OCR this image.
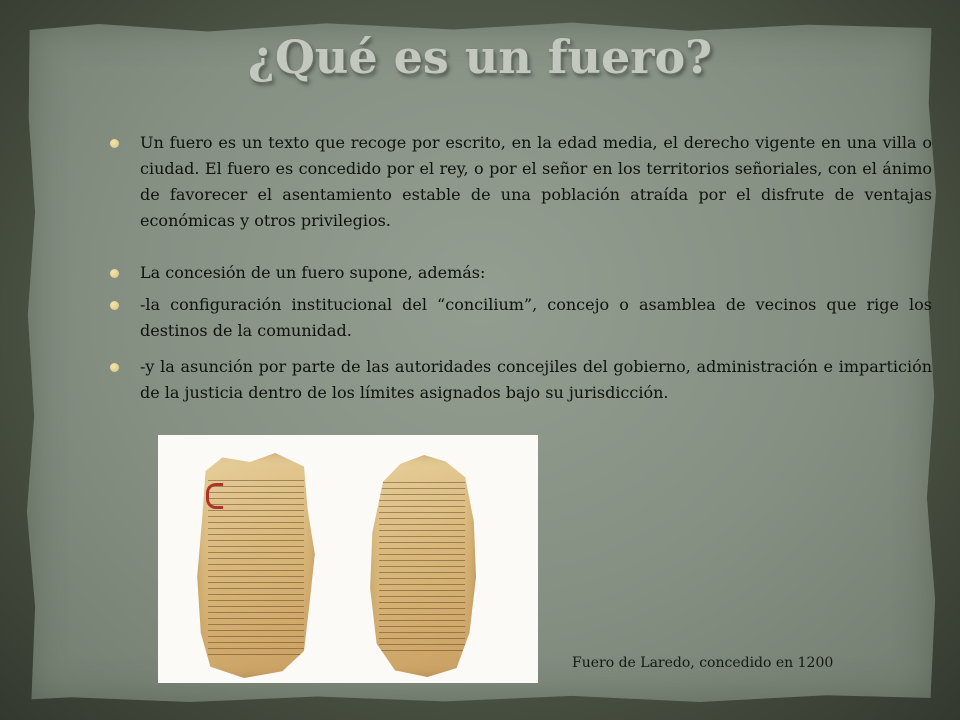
¿Qué es un fuero?

Un fuero es un texto que recoge por escrito, en la edad media, el derecho vigente en una villa o ciudad. El fuero es concedido por el rey, o por el señor en los territorios señoriales, con el ánimo de favorecer el asentamiento estable de una población atraída por el disfrute de ventajas económicas y otros privilegios.

La concesión de un fuero supone, además:

-la configuración institucional del “concilium”, concejo o asamblea de vecinos que rige los destinos de la comunidad.

-y la asunción por parte de las autoridades concejiles del gobierno, administración e impartición de la justicia dentro de los límites asignados bajo su jurisdicción.

Fuero de Laredo, concedido en 1200
